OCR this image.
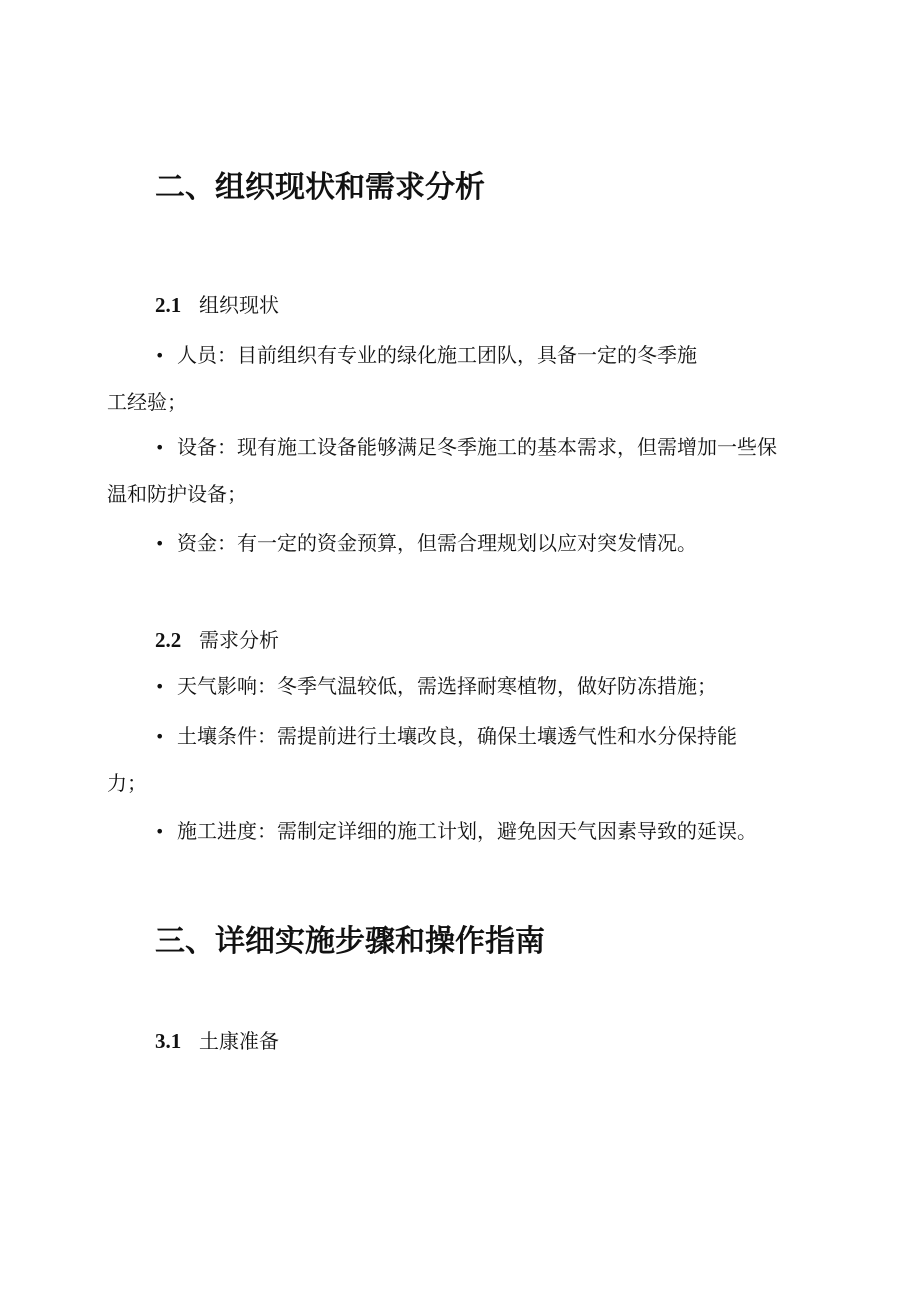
二、组织现状和需求分析
2.1 组织现状
• 人员：目前组织有专业的绿化施工团队，具备一定的冬季施
工经验；
• 设备：现有施工设备能够满足冬季施工的基本需求，但需增加一些保
温和防护设备；
• 资金：有一定的资金预算，但需合理规划以应对突发情况。
2.2 需求分析
• 天气影响：冬季气温较低，需选择耐寒植物，做好防冻措施；
• 土壤条件：需提前进行土壤改良，确保土壤透气性和水分保持能
力；
• 施工进度：需制定详细的施工计划，避免因天气因素导致的延误。
三、详细实施步骤和操作指南
3.1 土康准备
